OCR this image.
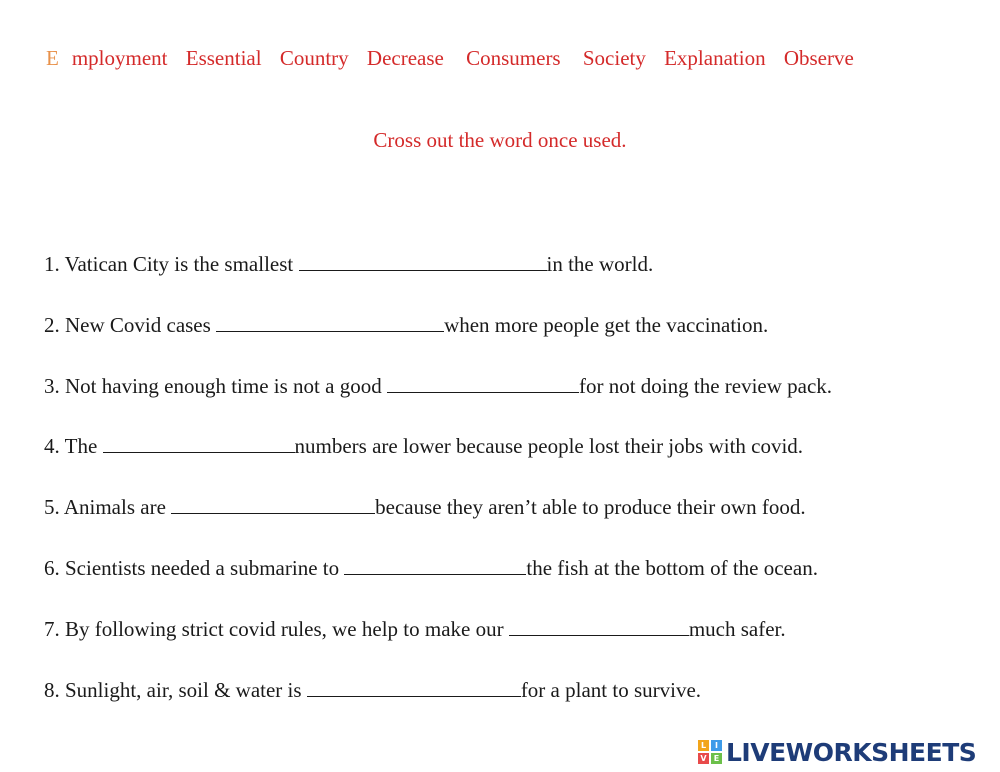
E mployment Essential Country Decrease Consumers Society Explanation Observe
Cross out the word once used.
1. Vatican City is the smallest	in the world.
2. New Covid cases	when more people get the vaccination.
3. Not having enough time is not a good	for not doing the review pack.
4. The	numbers are lower because people lost their jobs with covid.
5. Animals are	because they aren’t able to produce their own food.
6. Scientists needed a submarine to	the fish at the bottom of the ocean.
7. By following strict covid rules, we help to make our	much safer.
8. Sunlight, air, soil & water is	for a plant to survive.
L	I
V E LIVEWORKSHEETS
